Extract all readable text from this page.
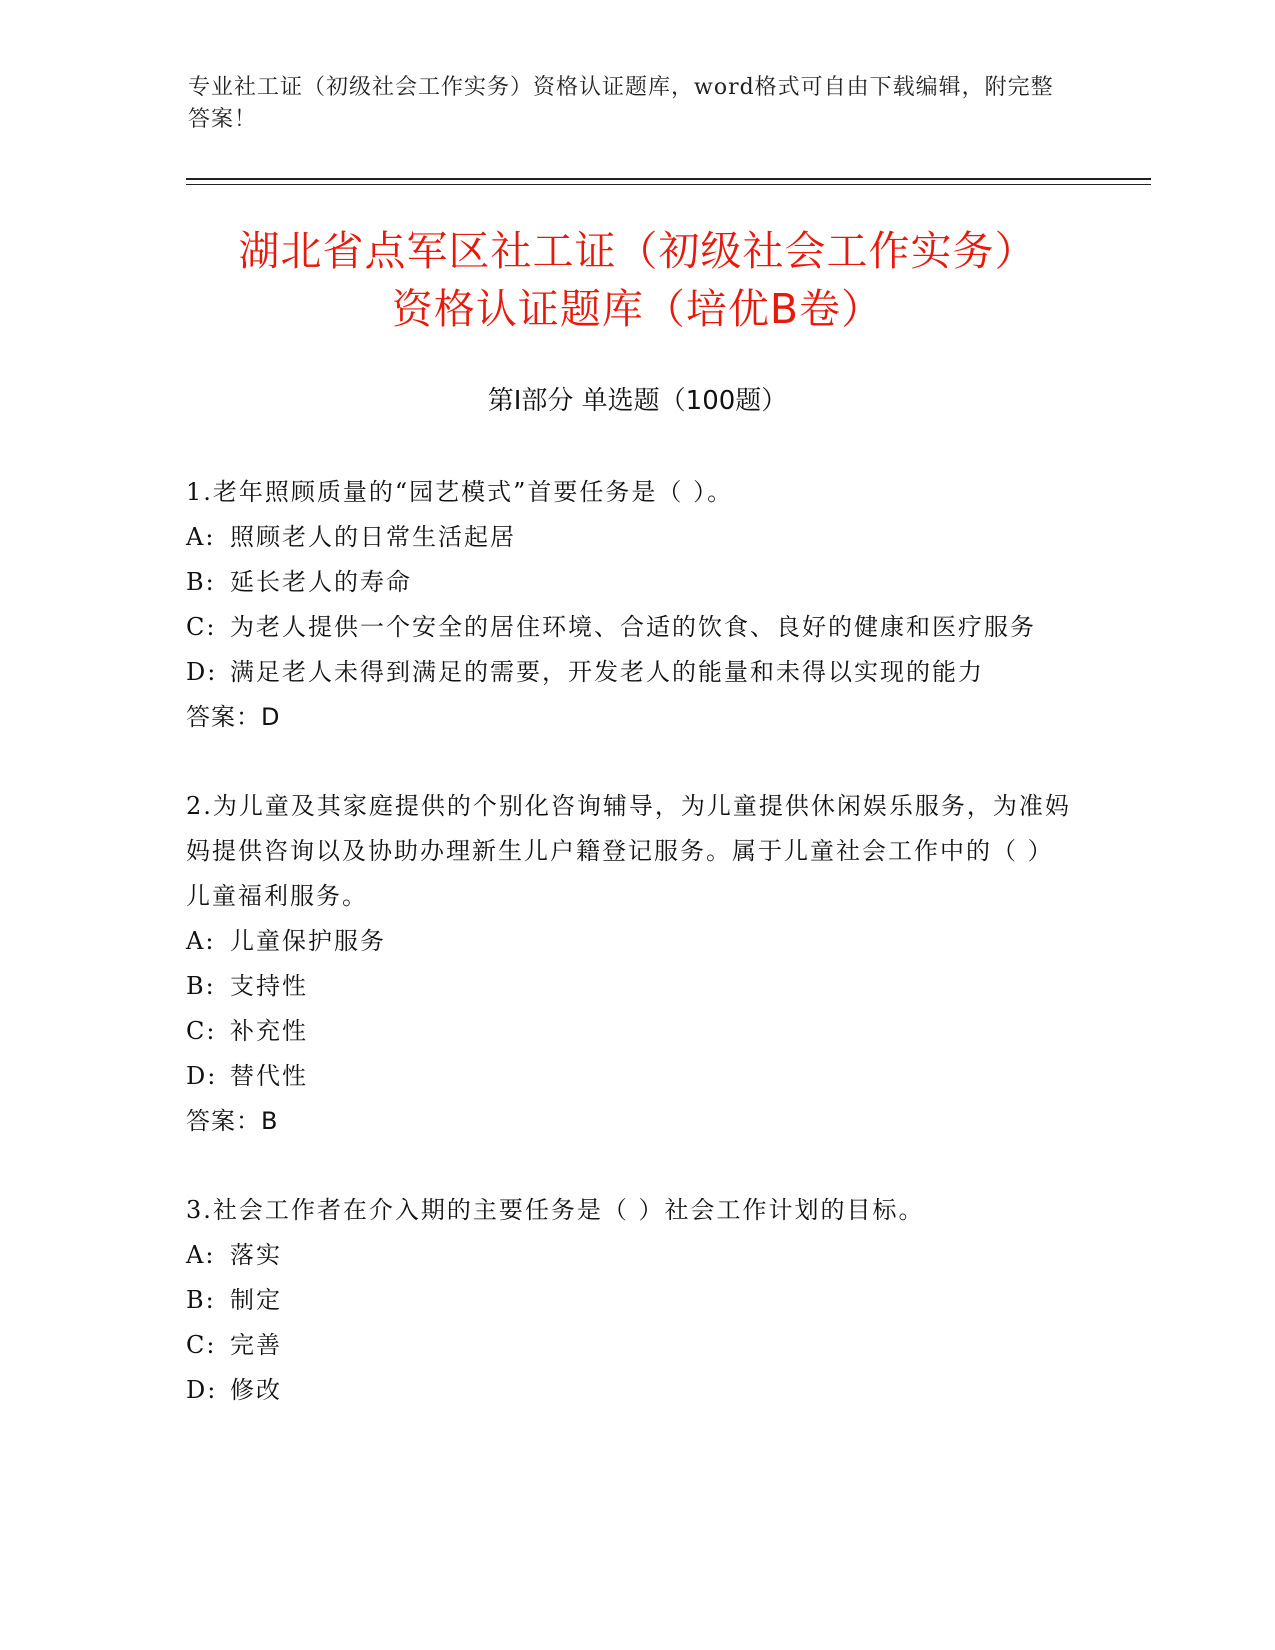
专业社工证（初级社会工作实务）资格认证题库，word格式可自由下载编辑，附完整答案！
湖北省点军区社工证（初级社会工作实务）
资格认证题库（培优B卷）
第I部分 单选题（100题）
1.老年照顾质量的“园艺模式”首要任务是（ ）。
A: 照顾老人的日常生活起居
B: 延长老人的寿命
C: 为老人提供一个安全的居住环境、合适的饮食、良好的健康和医疗服务
D: 满足老人未得到满足的需要，开发老人的能量和未得以实现的能力
答案：D
2.为儿童及其家庭提供的个别化咨询辅导，为儿童提供休闲娱乐服务，为准妈妈提供咨询以及协助办理新生儿户籍登记服务。属于儿童社会工作中的（ ）儿童福利服务。
A: 儿童保护服务
B: 支持性
C: 补充性
D: 替代性
答案：B
3.社会工作者在介入期的主要任务是（ ）社会工作计划的目标。
A: 落实
B: 制定
C: 完善
D: 修改
